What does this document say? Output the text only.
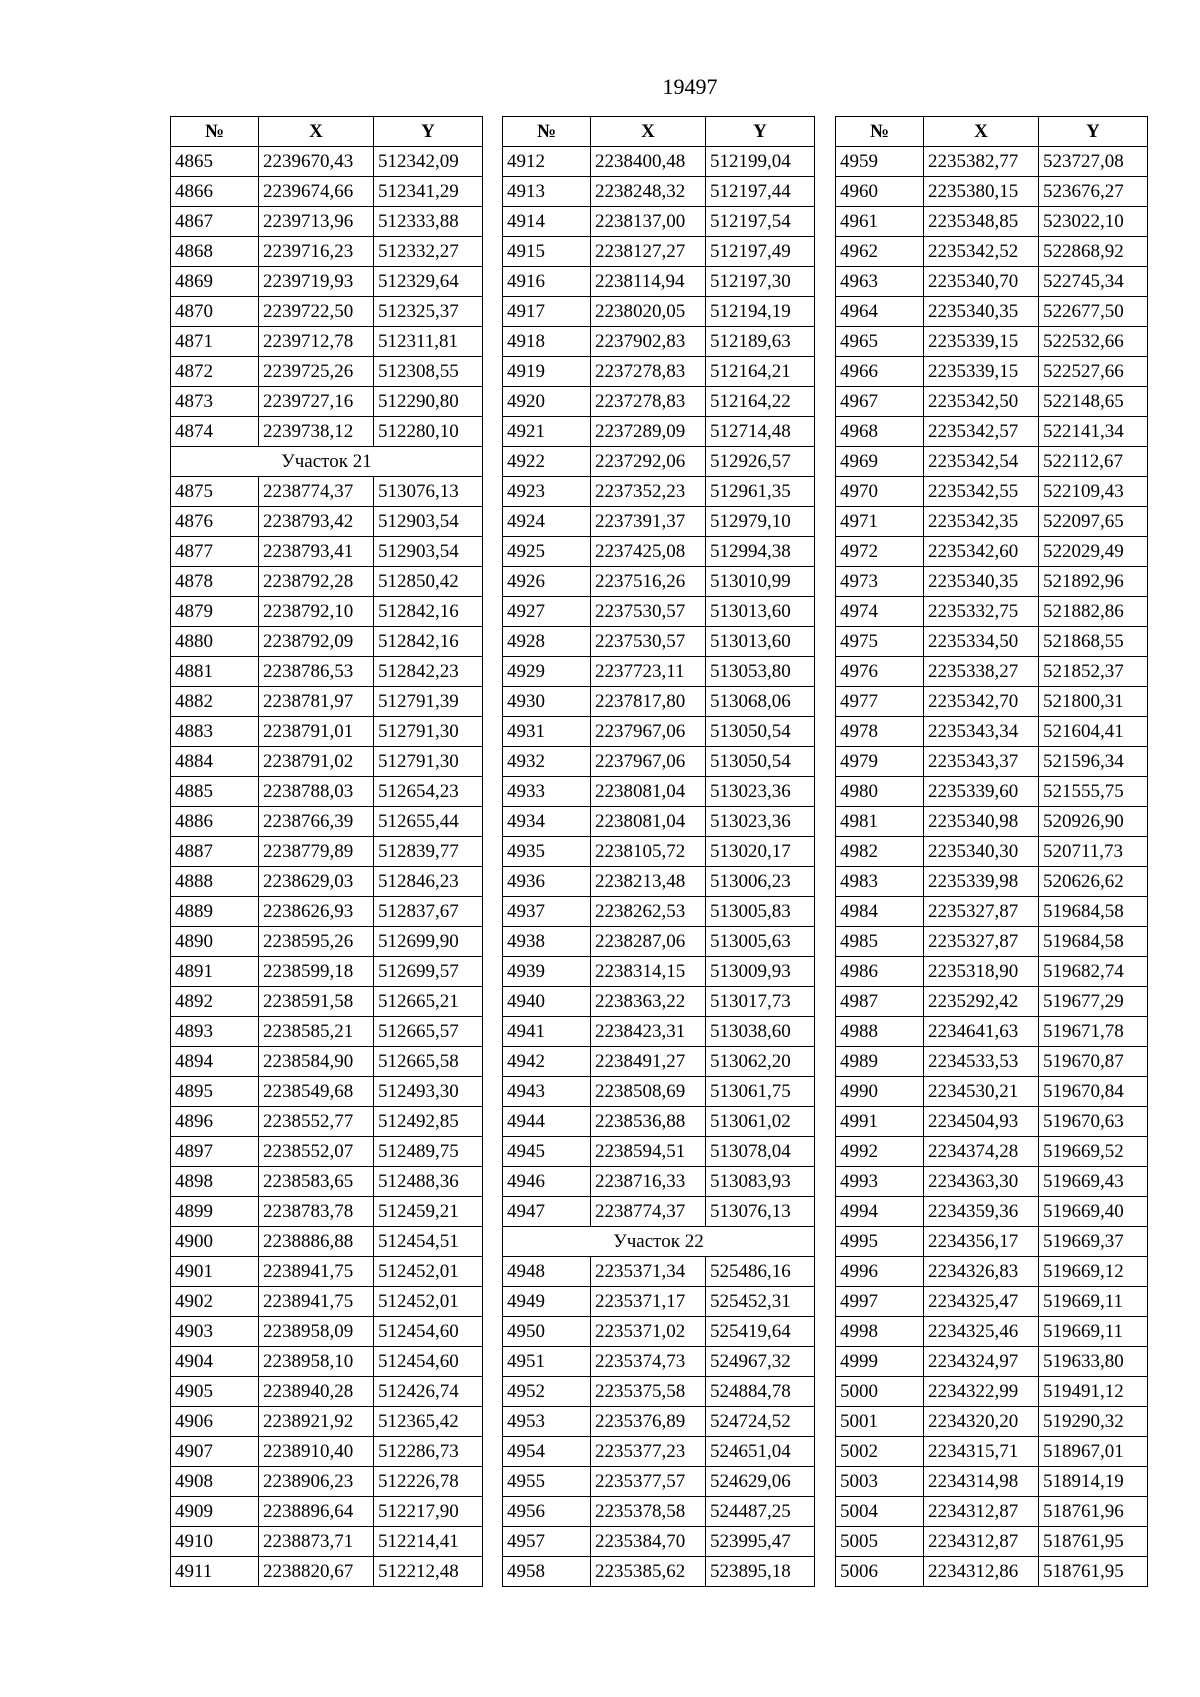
19497
№	X	Y
4865	2239670,43	512342,09
4866	2239674,66	512341,29
4867	2239713,96	512333,88
4868	2239716,23	512332,27
4869	2239719,93	512329,64
4870	2239722,50	512325,37
4871	2239712,78	512311,81
4872	2239725,26	512308,55
4873	2239727,16	512290,80
4874	2239738,12	512280,10
Участок 21		
4875	2238774,37	513076,13
4876	2238793,42	512903,54
4877	2238793,41	512903,54
4878	2238792,28	512850,42
4879	2238792,10	512842,16
4880	2238792,09	512842,16
4881	2238786,53	512842,23
4882	2238781,97	512791,39
4883	2238791,01	512791,30
4884	2238791,02	512791,30
4885	2238788,03	512654,23
4886	2238766,39	512655,44
4887	2238779,89	512839,77
4888	2238629,03	512846,23
4889	2238626,93	512837,67
4890	2238595,26	512699,90
4891	2238599,18	512699,57
4892	2238591,58	512665,21
4893	2238585,21	512665,57
4894	2238584,90	512665,58
4895	2238549,68	512493,30
4896	2238552,77	512492,85
4897	2238552,07	512489,75
4898	2238583,65	512488,36
4899	2238783,78	512459,21
4900	2238886,88	512454,51
4901	2238941,75	512452,01
4902	2238941,75	512452,01
4903	2238958,09	512454,60
4904	2238958,10	512454,60
4905	2238940,28	512426,74
4906	2238921,92	512365,42
4907	2238910,40	512286,73
4908	2238906,23	512226,78
4909	2238896,64	512217,90
4910	2238873,71	512214,41
4911	2238820,67	512212,48
№	X	Y
4912	2238400,48	512199,04
4913	2238248,32	512197,44
4914	2238137,00	512197,54
4915	2238127,27	512197,49
4916	2238114,94	512197,30
4917	2238020,05	512194,19
4918	2237902,83	512189,63
4919	2237278,83	512164,21
4920	2237278,83	512164,22
4921	2237289,09	512714,48
4922	2237292,06	512926,57
4923	2237352,23	512961,35
4924	2237391,37	512979,10
4925	2237425,08	512994,38
4926	2237516,26	513010,99
4927	2237530,57	513013,60
4928	2237530,57	513013,60
4929	2237723,11	513053,80
4930	2237817,80	513068,06
4931	2237967,06	513050,54
4932	2237967,06	513050,54
4933	2238081,04	513023,36
4934	2238081,04	513023,36
4935	2238105,72	513020,17
4936	2238213,48	513006,23
4937	2238262,53	513005,83
4938	2238287,06	513005,63
4939	2238314,15	513009,93
4940	2238363,22	513017,73
4941	2238423,31	513038,60
4942	2238491,27	513062,20
4943	2238508,69	513061,75
4944	2238536,88	513061,02
4945	2238594,51	513078,04
4946	2238716,33	513083,93
4947	2238774,37	513076,13
Участок 22		
4948	2235371,34	525486,16
4949	2235371,17	525452,31
4950	2235371,02	525419,64
4951	2235374,73	524967,32
4952	2235375,58	524884,78
4953	2235376,89	524724,52
4954	2235377,23	524651,04
4955	2235377,57	524629,06
4956	2235378,58	524487,25
4957	2235384,70	523995,47
4958	2235385,62	523895,18
№	X	Y
4959	2235382,77	523727,08
4960	2235380,15	523676,27
4961	2235348,85	523022,10
4962	2235342,52	522868,92
4963	2235340,70	522745,34
4964	2235340,35	522677,50
4965	2235339,15	522532,66
4966	2235339,15	522527,66
4967	2235342,50	522148,65
4968	2235342,57	522141,34
4969	2235342,54	522112,67
4970	2235342,55	522109,43
4971	2235342,35	522097,65
4972	2235342,60	522029,49
4973	2235340,35	521892,96
4974	2235332,75	521882,86
4975	2235334,50	521868,55
4976	2235338,27	521852,37
4977	2235342,70	521800,31
4978	2235343,34	521604,41
4979	2235343,37	521596,34
4980	2235339,60	521555,75
4981	2235340,98	520926,90
4982	2235340,30	520711,73
4983	2235339,98	520626,62
4984	2235327,87	519684,58
4985	2235327,87	519684,58
4986	2235318,90	519682,74
4987	2235292,42	519677,29
4988	2234641,63	519671,78
4989	2234533,53	519670,87
4990	2234530,21	519670,84
4991	2234504,93	519670,63
4992	2234374,28	519669,52
4993	2234363,30	519669,43
4994	2234359,36	519669,40
4995	2234356,17	519669,37
4996	2234326,83	519669,12
4997	2234325,47	519669,11
4998	2234325,46	519669,11
4999	2234324,97	519633,80
5000	2234322,99	519491,12
5001	2234320,20	519290,32
5002	2234315,71	518967,01
5003	2234314,98	518914,19
5004	2234312,87	518761,96
5005	2234312,87	518761,95
5006	2234312,86	518761,95
